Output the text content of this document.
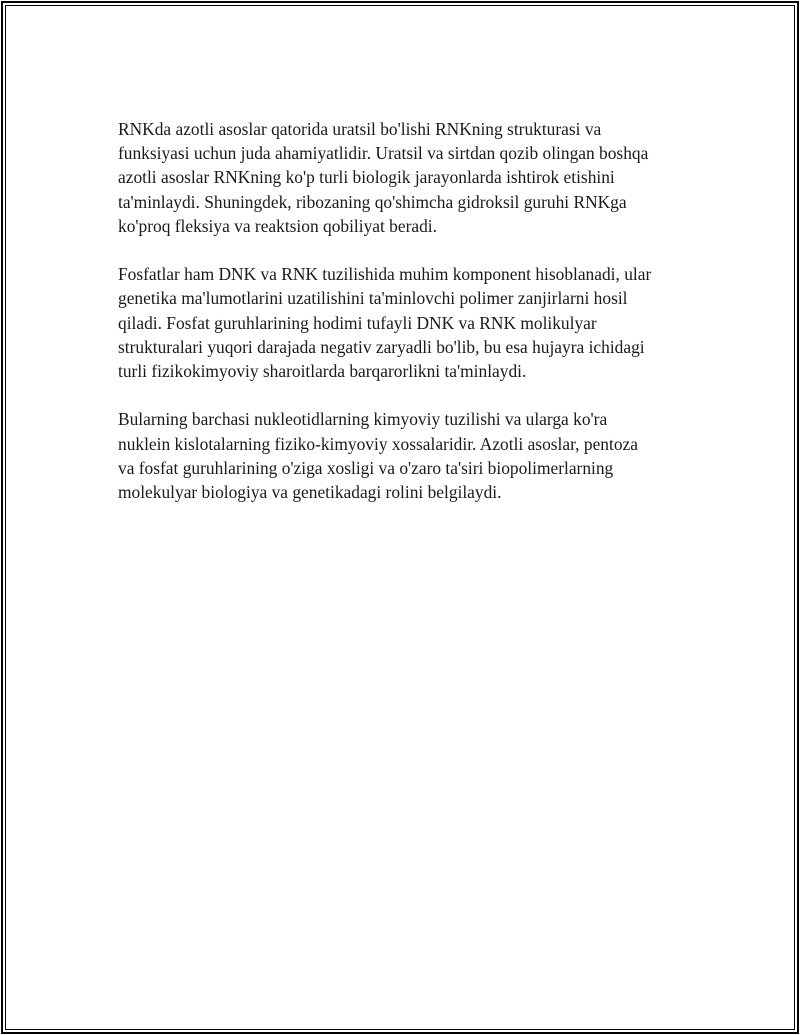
RNKda azotli asoslar qatorida uratsil bo'lishi RNKning strukturasi va
funksiyasi uchun juda ahamiyatlidir. Uratsil va sirtdan qozib olingan boshqa
azotli asoslar RNKning ko'p turli biologik jarayonlarda ishtirok etishini
ta'minlaydi. Shuningdek, ribozaning qo'shimcha gidroksil guruhi RNKga
ko'proq fleksiya va reaktsion qobiliyat beradi.

Fosfatlar ham DNK va RNK tuzilishida muhim komponent hisoblanadi, ular
genetika ma'lumotlarini uzatilishini ta'minlovchi polimer zanjirlarni hosil
qiladi. Fosfat guruhlarining hodimi tufayli DNK va RNK molikulyar
strukturalari yuqori darajada negativ zaryadli bo'lib, bu esa hujayra ichidagi
turli fizikokimyoviy sharoitlarda barqarorlikni ta'minlaydi.

Bularning barchasi nukleotidlarning kimyoviy tuzilishi va ularga ko'ra
nuklein kislotalarning fiziko-kimyoviy xossalaridir. Azotli asoslar, pentoza
va fosfat guruhlarining o'ziga xosligi va o'zaro ta'siri biopolimerlarning
molekulyar biologiya va genetikadagi rolini belgilaydi.
